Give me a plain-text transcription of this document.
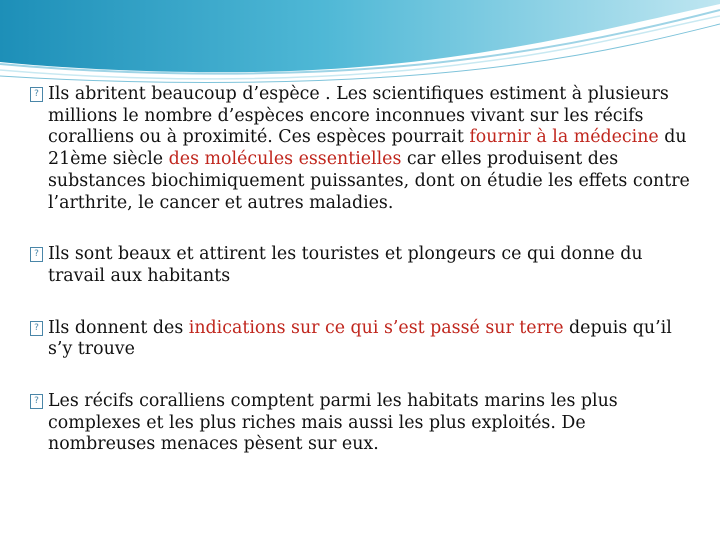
? Ils abritent beaucoup d’espèce . Les scientifiques estiment à plusieurs millions le nombre d’espèces encore inconnues vivant sur les récifs coralliens ou à proximité. Ces espèces pourrait fournir à la médecine du 21ème siècle des molécules essentielles car elles produisent des substances biochimiquement puissantes, dont on étudie les effets contre l’arthrite, le cancer et autres maladies.
? Ils sont beaux et attirent les touristes et plongeurs ce qui donne du travail aux habitants
? Ils donnent des indications sur ce qui s’est passé sur terre depuis qu’il s’y trouve
? Les récifs coralliens comptent parmi les habitats marins les plus complexes et les plus riches mais aussi les plus exploités. De nombreuses menaces pèsent sur eux.
